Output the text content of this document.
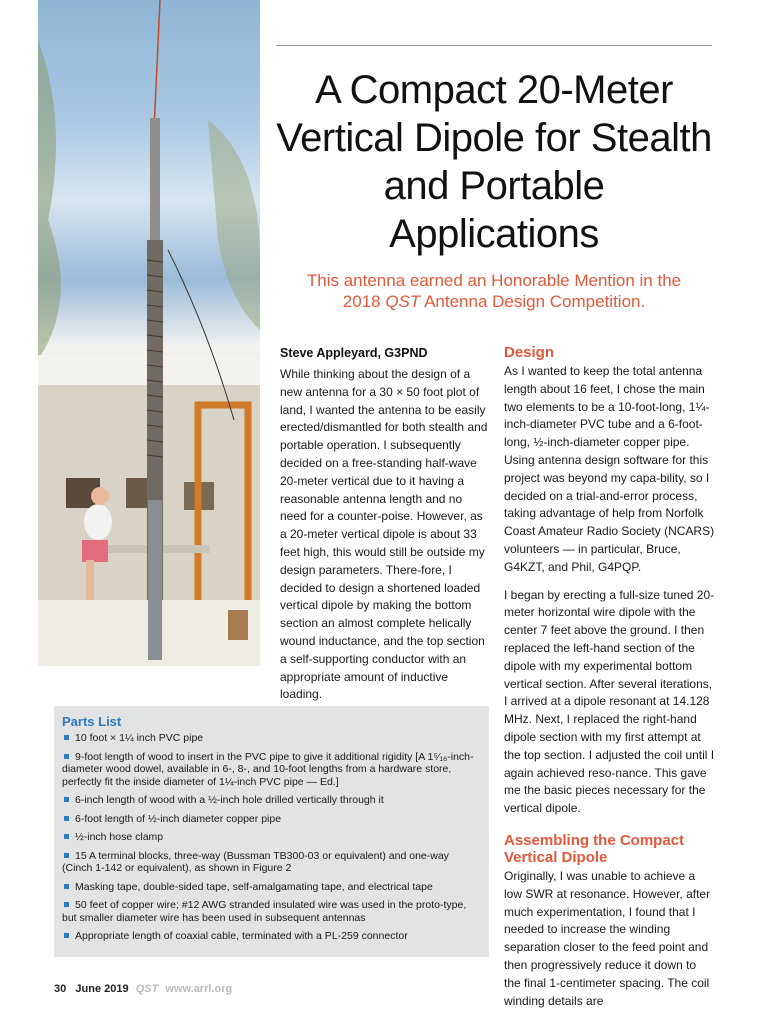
A Compact 20-Meter Vertical Dipole for Stealth and Portable Applications

This antenna earned an Honorable Mention in the
2018 QST Antenna Design Competition.

Steve Appleyard, G3PND

While thinking about the design of a new antenna for a 30 × 50 foot plot of land, I wanted the antenna to be easily erected/dismantled for both stealth and portable operation. I subsequently decided on a free-standing half-wave 20-meter vertical due to it having a reasonable antenna length and no need for a counter-poise. However, as a 20-meter vertical dipole is about 33 feet high, this would still be outside my design parameters. There-fore, I decided to design a shortened loaded vertical dipole by making the bottom section an almost complete helically wound inductance, and the top section a self-supporting conductor with an appropriate amount of inductive loading.

Design

As I wanted to keep the total antenna length about 16 feet, I chose the main two elements to be a 10-foot-long, 1¼-inch-diameter PVC tube and a 6-foot-long, ½-inch-diameter copper pipe. Using antenna design software for this project was beyond my capa-bility, so I decided on a trial-and-error process, taking advantage of help from Norfolk Coast Amateur Radio Society (NCARS) volunteers — in particular, Bruce, G4KZT, and Phil, G4PQP.

I began by erecting a full-size tuned 20-meter horizontal wire dipole with the center 7 feet above the ground. I then replaced the left-hand section of the dipole with my experimental bottom vertical section. After several iterations, I arrived at a dipole resonant at 14.128 MHz. Next, I replaced the right-hand dipole section with my first attempt at the top section. I adjusted the coil until I again achieved reso-nance. This gave me the basic pieces necessary for the vertical dipole.

Assembling the Compact
Vertical Dipole

Originally, I was unable to achieve a low SWR at resonance. However, after much experimentation, I found that I needed to increase the winding separation closer to the feed point and then progressively reduce it down to the final 1-centimeter spacing. The coil winding details are

Parts List

10 foot × 1¼ inch PVC pipe
9-foot length of wood to insert in the PVC pipe to give it additional rigidity [A 1⁵⁄₁₆-inch-diameter wood dowel, available in 6-, 8-, and 10-foot lengths from a hardware store, perfectly fit the inside diameter of 1¼-inch PVC pipe — Ed.]
6-inch length of wood with a ½-inch hole drilled vertically through it
6-foot length of ½-inch diameter copper pipe
½-inch hose clamp
15 A terminal blocks, three-way (Bussman TB300-03 or equivalent) and one-way (Cinch 1-142 or equivalent), as shown in Figure 2
Masking tape, double-sided tape, self-amalgamating tape, and electrical tape
50 feet of copper wire; #12 AWG stranded insulated wire was used in the proto-type, but smaller diameter wire has been used in subsequent antennas
Appropriate length of coaxial cable, terminated with a PL-259 connector
30 June 2019 QST www.arrl.org
